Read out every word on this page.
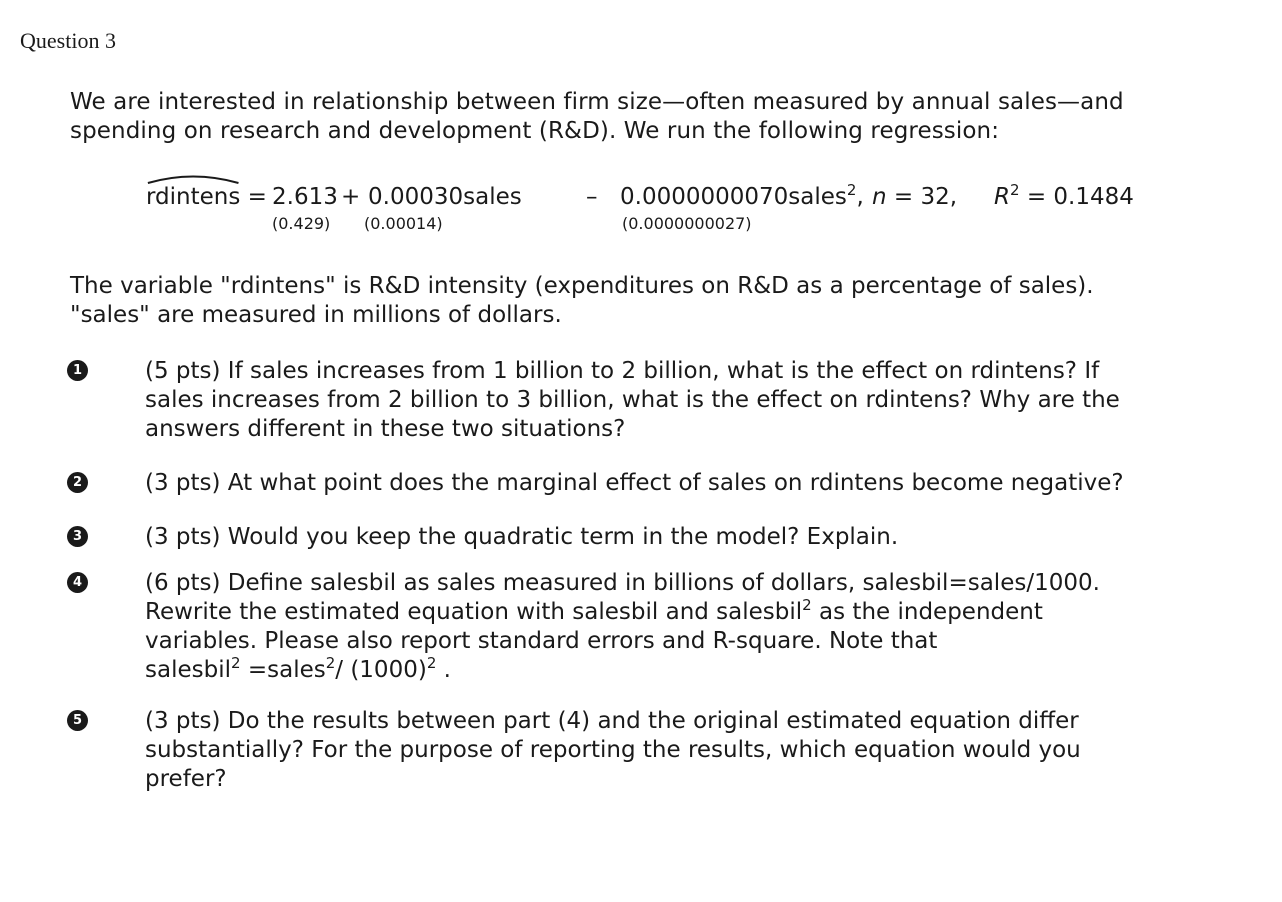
Question 3

We are interested in relationship between firm size—often measured by annual sales—and

spending on research and development (R&D). We run the following regression:

rdintens = 2.613 + 0.00030sales	– 0.0000000070sales$^2$, n = 32, $R^2 = 0.1484$
(0.429) (0.00014)	(0.0000000027)

The variable "rdintens" is R&D intensity (expenditures on R&D as a percentage of sales).

"sales" are measured in millions of dollars.

1	(5 pts) If sales increases from 1 billion to 2 billion, what is the effect on rdintens? If
sales increases from 2 billion to 3 billion, what is the effect on rdintens? Why are the
answers different in these two situations?
2	(3 pts) At what point does the marginal effect of sales on rdintens become negative?
3	(3 pts) Would you keep the quadratic term in the model? Explain.
4	(6 pts) Define salesbil as sales measured in billions of dollars, salesbil=sales/1000.
Rewrite the estimated equation with salesbil and salesbil$^2$ as the independent
variables. Please also report standard errors and R-square. Note that
salesbil$^2$ =sales$^2$/ $(1000)^2$ .
5	(3 pts) Do the results between part (4) and the original estimated equation differ
substantially? For the purpose of reporting the results, which equation would you
prefer?
